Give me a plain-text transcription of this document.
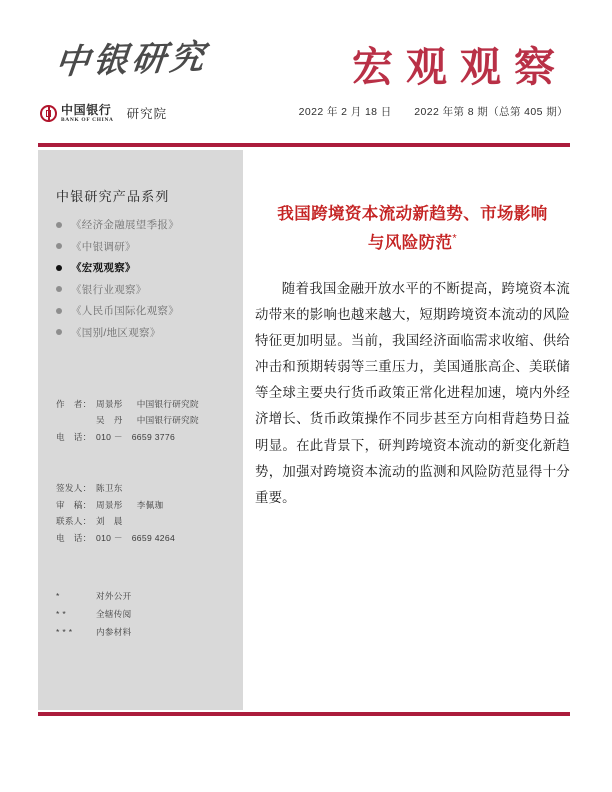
中银研究
中国银行
BANK OF CHINA 研究院
宏观观察
2022 年 2 月 18 日 2022 年第 8 期（总第 405 期）
中银研究产品系列
《经济金融展望季报》
《中银调研》
《宏观观察》
《银行业观察》
《人民币国际化观察》
《国别/地区观察》
作　者： 周景彤 中国银行研究院
吴　丹 中国银行研究院
电　话： 010 －　6659 3776
签发人： 陈卫东
审　稿： 周景彤 李佩珈
联系人： 刘　晨
电　话： 010 －　6659 4264
*	对外公开
**	全辖传阅
***	内参材料
我国跨境资本流动新趋势、市场影响
与风险防范*

随着我国金融开放水平的不断提高，跨境资本流动带来的影响也越来越大，短期跨境资本流动的风险特征更加明显。当前，我国经济面临需求收缩、供给冲击和预期转弱等三重压力，美国通胀高企、美联储等全球主要央行货币政策正常化进程加速，境内外经济增长、货币政策操作不同步甚至方向相背趋势日益明显。在此背景下，研判跨境资本流动的新变化新趋势，加强对跨境资本流动的监测和风险防范显得十分重要。
